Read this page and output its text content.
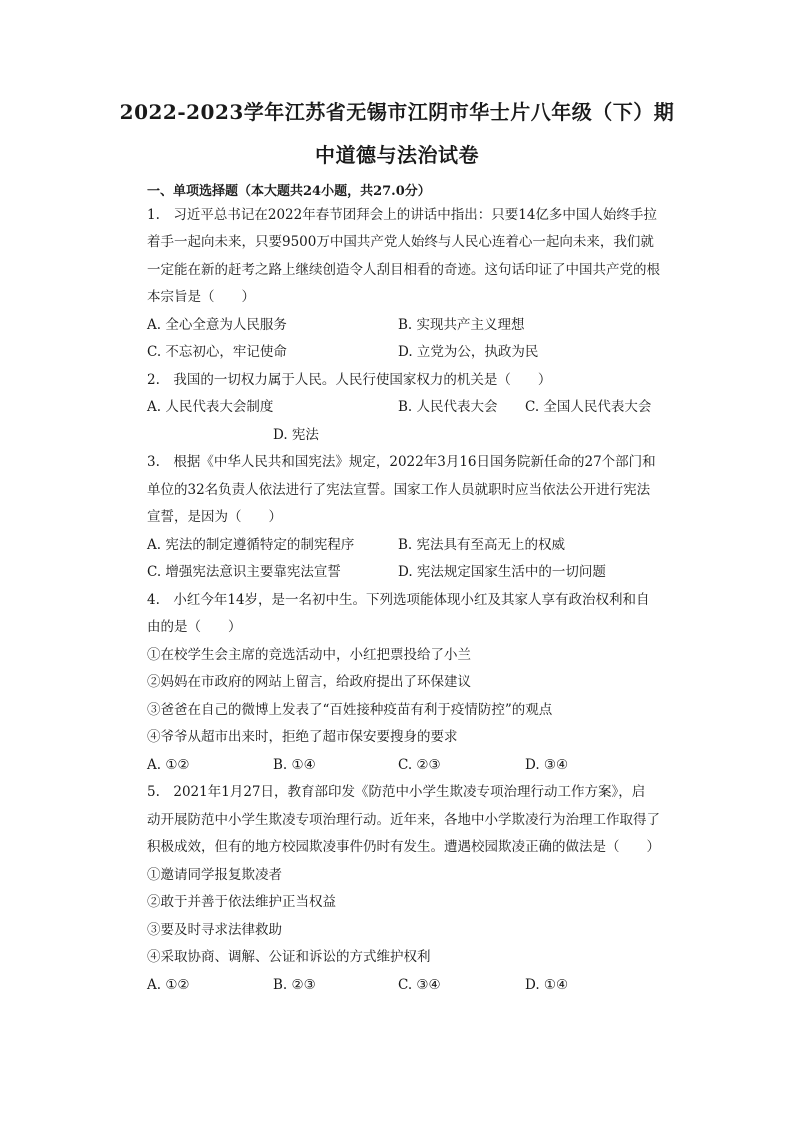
2022-2023学年江苏省无锡市江阴市华士片八年级（下）期
中道德与法治试卷
一、单项选择题（本大题共24小题，共27.0分）
1.　习近平总书记在2022年春节团拜会上的讲话中指出：只要14亿多中国人始终手拉
着手一起向未来，只要9500万中国共产党人始终与人民心连着心一起向未来，我们就
一定能在新的赶考之路上继续创造令人刮目相看的奇迹。这句话印证了中国共产党的根
本宗旨是（　　）
A. 全心全意为人民服务	B. 实现共产主义理想
C. 不忘初心，牢记使命	D. 立党为公，执政为民
2.　我国的一切权力属于人民。人民行使国家权力的机关是（　　）
A. 人民代表大会制度	B. 人民代表大会 C. 全国人民代表大会
D. 宪法
3.　根据《中华人民共和国宪法》规定，2022年3月16日国务院新任命的27个部门和
单位的32名负责人依法进行了宪法宣誓。国家工作人员就职时应当依法公开进行宪法
宣誓，是因为（　　）
A. 宪法的制定遵循特定的制宪程序	B. 宪法具有至高无上的权威
C. 增强宪法意识主要靠宪法宣誓	D. 宪法规定国家生活中的一切问题
4.　小红今年14岁，是一名初中生。下列选项能体现小红及其家人享有政治权利和自
由的是（　　）
①在校学生会主席的竞选活动中，小红把票投给了小兰
②妈妈在市政府的网站上留言，给政府提出了环保建议
③爸爸在自己的微博上发表了“百姓接种疫苗有利于疫情防控”的观点
④爷爷从超市出来时，拒绝了超市保安要搜身的要求
A. ①②	B. ①④	C. ②③	D. ③④
5.　2021年1月27日，教育部印发《防范中小学生欺凌专项治理行动工作方案》，启
动开展防范中小学生欺凌专项治理行动。近年来，各地中小学欺凌行为治理工作取得了
积极成效，但有的地方校园欺凌事件仍时有发生。遭遇校园欺凌正确的做法是（　　）
①邀请同学报复欺凌者
②敢于并善于依法维护正当权益
③要及时寻求法律救助
④采取协商、调解、公证和诉讼的方式维护权利
A. ①②	B. ②③	C. ③④	D. ①④
